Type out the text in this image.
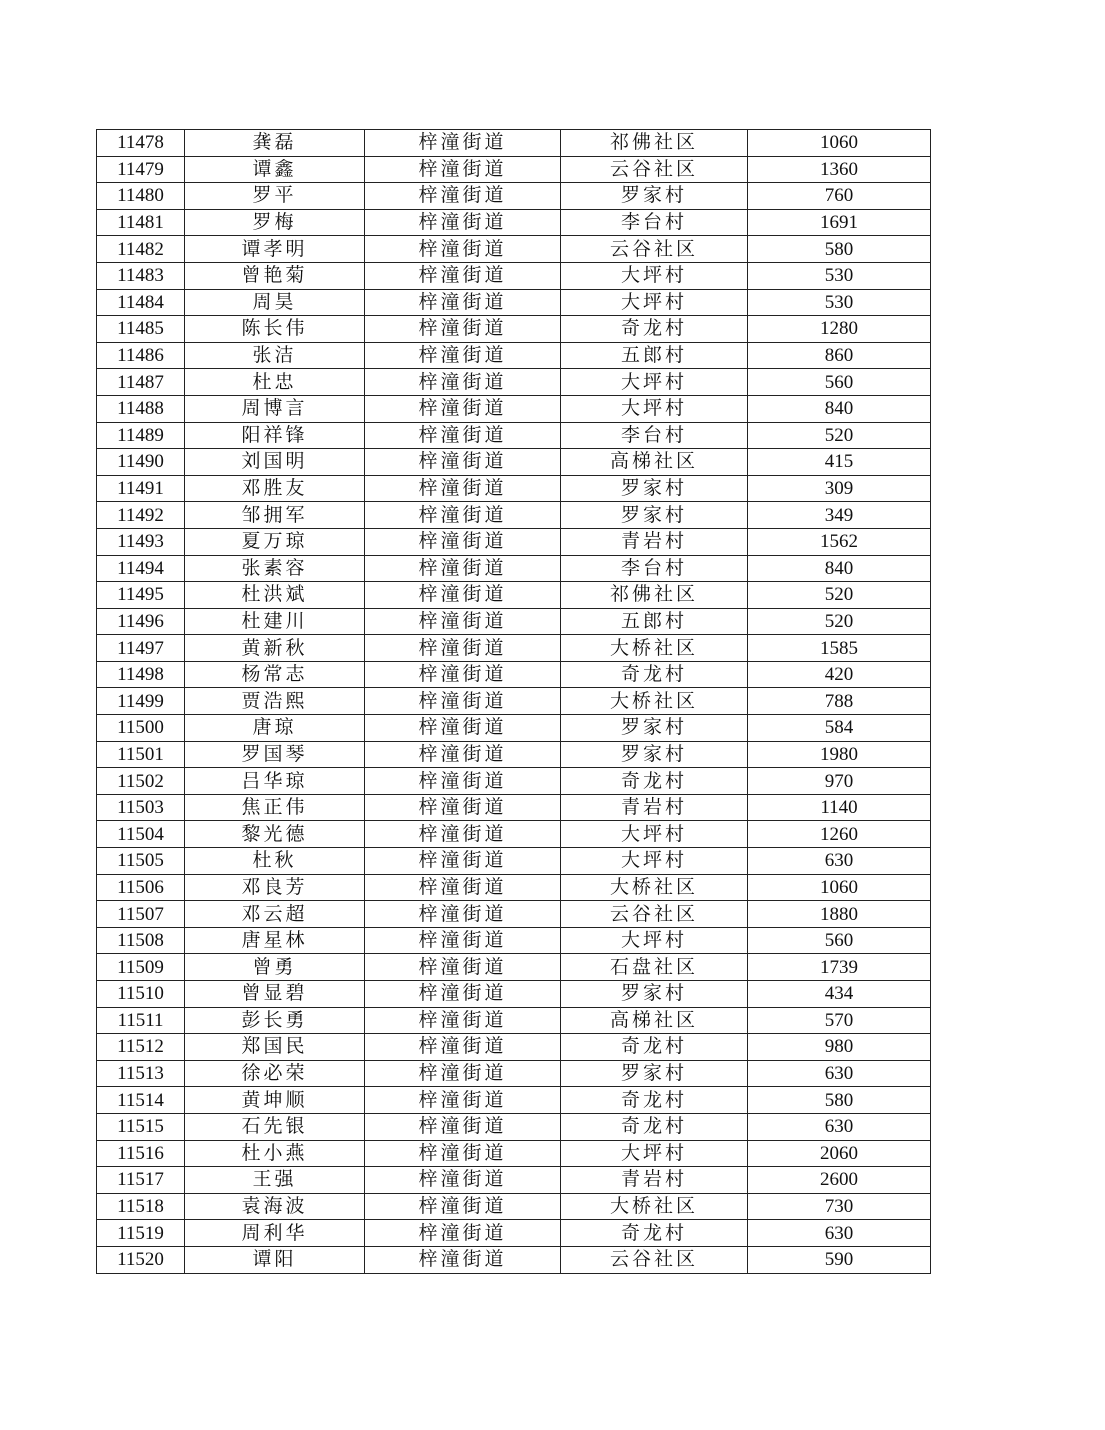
11478	龚磊	梓潼街道	祁佛社区	1060
11479	谭鑫	梓潼街道	云谷社区	1360
11480	罗平	梓潼街道	罗家村	760
11481	罗梅	梓潼街道	李台村	1691
11482	谭孝明	梓潼街道	云谷社区	580
11483	曾艳菊	梓潼街道	大坪村	530
11484	周昊	梓潼街道	大坪村	530
11485	陈长伟	梓潼街道	奇龙村	1280
11486	张洁	梓潼街道	五郎村	860
11487	杜忠	梓潼街道	大坪村	560
11488	周博言	梓潼街道	大坪村	840
11489	阳祥锋	梓潼街道	李台村	520
11490	刘国明	梓潼街道	高梯社区	415
11491	邓胜友	梓潼街道	罗家村	309
11492	邹拥军	梓潼街道	罗家村	349
11493	夏万琼	梓潼街道	青岩村	1562
11494	张素容	梓潼街道	李台村	840
11495	杜洪斌	梓潼街道	祁佛社区	520
11496	杜建川	梓潼街道	五郎村	520
11497	黄新秋	梓潼街道	大桥社区	1585
11498	杨常志	梓潼街道	奇龙村	420
11499	贾浩熙	梓潼街道	大桥社区	788
11500	唐琼	梓潼街道	罗家村	584
11501	罗国琴	梓潼街道	罗家村	1980
11502	吕华琼	梓潼街道	奇龙村	970
11503	焦正伟	梓潼街道	青岩村	1140
11504	黎光德	梓潼街道	大坪村	1260
11505	杜秋	梓潼街道	大坪村	630
11506	邓良芳	梓潼街道	大桥社区	1060
11507	邓云超	梓潼街道	云谷社区	1880
11508	唐星林	梓潼街道	大坪村	560
11509	曾勇	梓潼街道	石盘社区	1739
11510	曾显碧	梓潼街道	罗家村	434
11511	彭长勇	梓潼街道	高梯社区	570
11512	郑国民	梓潼街道	奇龙村	980
11513	徐必荣	梓潼街道	罗家村	630
11514	黄坤顺	梓潼街道	奇龙村	580
11515	石先银	梓潼街道	奇龙村	630
11516	杜小燕	梓潼街道	大坪村	2060
11517	王强	梓潼街道	青岩村	2600
11518	袁海波	梓潼街道	大桥社区	730
11519	周利华	梓潼街道	奇龙村	630
11520	谭阳	梓潼街道	云谷社区	590
